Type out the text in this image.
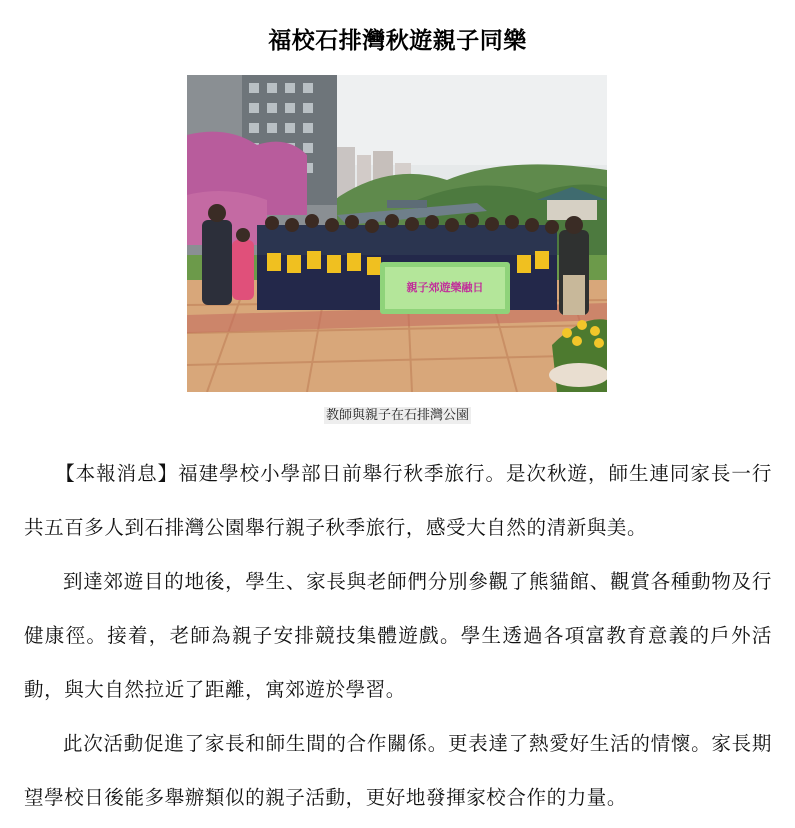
福校石排灣秋遊親子同樂
親子郊遊樂融日
教師與親子在石排灣公園

【本報消息】福建學校小學部日前舉行秋季旅行。是次秋遊，師生連同家長一行共五百多人到石排灣公園舉行親子秋季旅行，感受大自然的清新與美。

到達郊遊目的地後，學生、家長與老師們分別參觀了熊貓館、觀賞各種動物及行健康徑。接着，老師為親子安排競技集體遊戲。學生透過各項富教育意義的戶外活動，與大自然拉近了距離，寓郊遊於學習。

此次活動促進了家長和師生間的合作關係。更表達了熱愛好生活的情懷。家長期望學校日後能多舉辦類似的親子活動，更好地發揮家校合作的力量。
